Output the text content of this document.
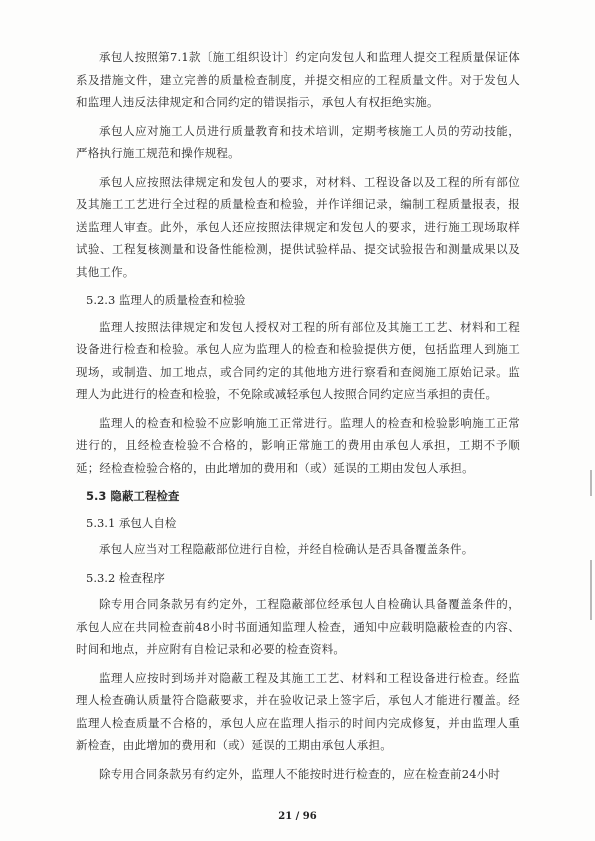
承包人按照第7.1款〔施工组织设计〕约定向发包人和监理人提交工程质量保证体系及措施文件，建立完善的质量检查制度，并提交相应的工程质量文件。对于发包人和监理人违反法律规定和合同约定的错误指示，承包人有权拒绝实施。

承包人应对施工人员进行质量教育和技术培训，定期考核施工人员的劳动技能，严格执行施工规范和操作规程。

承包人应按照法律规定和发包人的要求，对材料、工程设备以及工程的所有部位及其施工工艺进行全过程的质量检查和检验，并作详细记录，编制工程质量报表，报送监理人审查。此外，承包人还应按照法律规定和发包人的要求，进行施工现场取样试验、工程复核测量和设备性能检测，提供试验样品、提交试验报告和测量成果以及其他工作。

5.2.3 监理人的质量检查和检验

监理人按照法律规定和发包人授权对工程的所有部位及其施工工艺、材料和工程设备进行检查和检验。承包人应为监理人的检查和检验提供方便，包括监理人到施工现场，或制造、加工地点，或合同约定的其他地方进行察看和查阅施工原始记录。监理人为此进行的检查和检验，不免除或减轻承包人按照合同约定应当承担的责任。

监理人的检查和检验不应影响施工正常进行。监理人的检查和检验影响施工正常进行的，且经检查检验不合格的，影响正常施工的费用由承包人承担，工期不予顺延；经检查检验合格的，由此增加的费用和（或）延误的工期由发包人承担。

5.3 隐蔽工程检查

5.3.1 承包人自检

承包人应当对工程隐蔽部位进行自检，并经自检确认是否具备覆盖条件。

5.3.2 检查程序

除专用合同条款另有约定外，工程隐蔽部位经承包人自检确认具备覆盖条件的，承包人应在共同检查前48小时书面通知监理人检查，通知中应载明隐蔽检查的内容、时间和地点，并应附有自检记录和必要的检查资料。

监理人应按时到场并对隐蔽工程及其施工工艺、材料和工程设备进行检查。经监理人检查确认质量符合隐蔽要求，并在验收记录上签字后，承包人才能进行覆盖。经监理人检查质量不合格的，承包人应在监理人指示的时间内完成修复，并由监理人重新检查，由此增加的费用和（或）延误的工期由承包人承担。

除专用合同条款另有约定外，监理人不能按时进行检查的，应在检查前24小时

21 / 96
